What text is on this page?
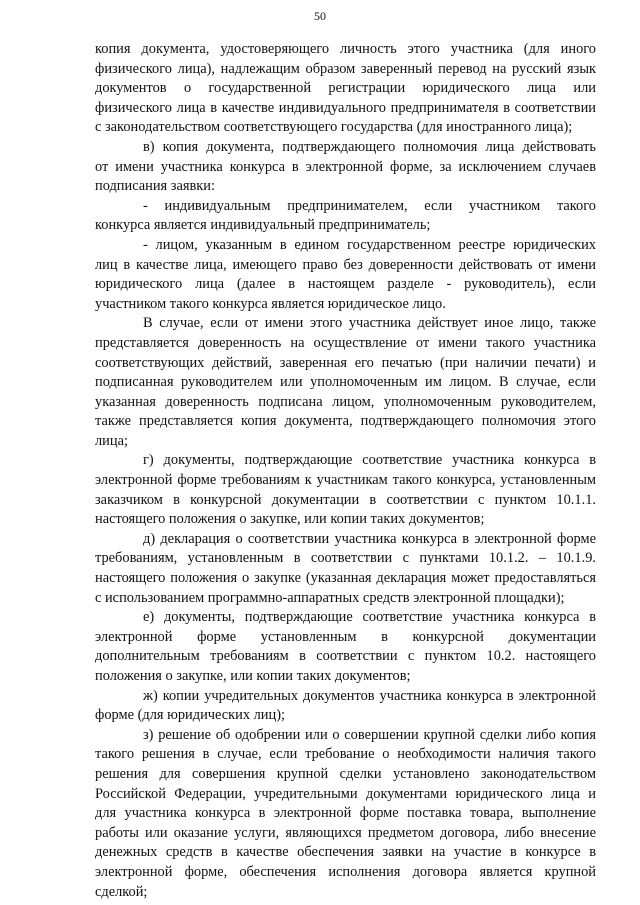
50
копия документа, удостоверяющего личность этого участника (для иного
физического лица), надлежащим образом заверенный перевод на русский язык
документов о государственной регистрации юридического лица или
физического лица в качестве индивидуального предпринимателя в соответствии
с законодательством соответствующего государства (для иностранного лица);
в) копия документа, подтверждающего полномочия лица действовать
от имени участника конкурса в электронной форме, за исключением случаев
подписания заявки:
- индивидуальным предпринимателем, если участником такого
конкурса является индивидуальный предприниматель;
- лицом, указанным в едином государственном реестре юридических
лиц в качестве лица, имеющего право без доверенности действовать от имени
юридического лица (далее в настоящем разделе - руководитель), если
участником такого конкурса является юридическое лицо.
В случае, если от имени этого участника действует иное лицо, также
представляется доверенность на осуществление от имени такого участника
соответствующих действий, заверенная его печатью (при наличии печати) и
подписанная руководителем или уполномоченным им лицом. В случае, если
указанная доверенность подписана лицом, уполномоченным руководителем,
также представляется копия документа, подтверждающего полномочия этого
лица;
г) документы, подтверждающие соответствие участника конкурса в
электронной форме требованиям к участникам такого конкурса, установленным
заказчиком в конкурсной документации в соответствии с пунктом 10.1.1.
настоящего положения о закупке, или копии таких документов;
д) декларация о соответствии участника конкурса в электронной форме
требованиям, установленным в соответствии с пунктами 10.1.2. – 10.1.9.
настоящего положения о закупке (указанная декларация может предоставляться
с использованием программно-аппаратных средств электронной площадки);
е) документы, подтверждающие соответствие участника конкурса в
электронной форме установленным в конкурсной документации
дополнительным требованиям в соответствии с пунктом 10.2. настоящего
положения о закупке, или копии таких документов;
ж) копии учредительных документов участника конкурса в электронной
форме (для юридических лиц);
з) решение об одобрении или о совершении крупной сделки либо копия
такого решения в случае, если требование о необходимости наличия такого
решения для совершения крупной сделки установлено законодательством
Российской Федерации, учредительными документами юридического лица и
для участника конкурса в электронной форме поставка товара, выполнение
работы или оказание услуги, являющихся предметом договора, либо внесение
денежных средств в качестве обеспечения заявки на участие в конкурсе в
электронной форме, обеспечения исполнения договора является крупной
сделкой;
